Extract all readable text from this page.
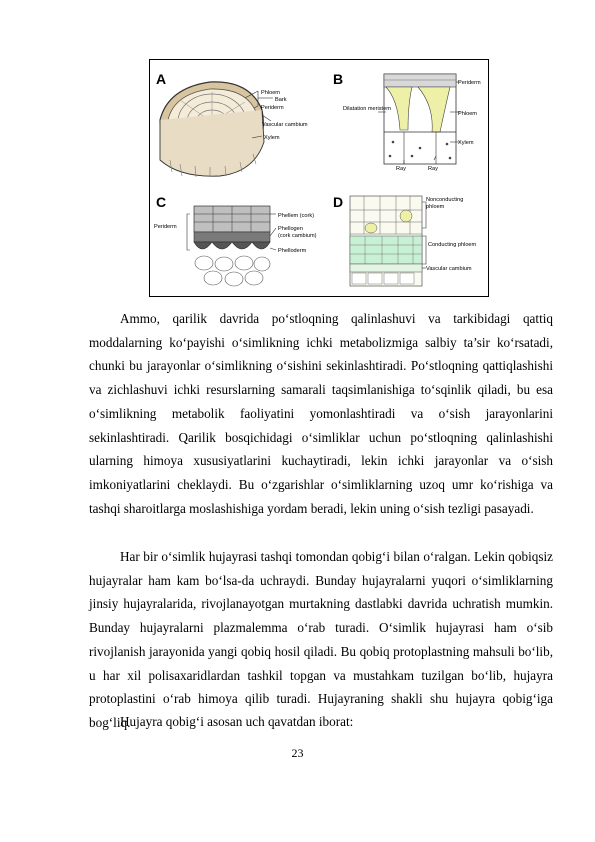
A
Phloem
Bark
Periderm
Vascular cambium
Xylem
B	Periderm
Dilatation meristem
Phloem
Xylem
Ray	Ray
C
Periderm
Phellem (cork)
Phellogen
(cork cambium)
Phelloderm
D	Nonconducting
phloem
Conducting phloem
Vascular cambium

Ammo, qarilik davrida po‘stloqning qalinlashuvi va tarkibidagi qattiq moddalarning ko‘payishi o‘simlikning ichki metabolizmiga salbiy ta’sir ko‘rsatadi, chunki bu jarayonlar o‘simlikning o‘sishini sekinlashtiradi. Po‘stloqning qattiqlashishi va zichlashuvi ichki resurslarning samarali taqsimlanishiga to‘sqinlik qiladi, bu esa o‘simlikning metabolik faoliyatini yomonlashtiradi va o‘sish jarayonlarini sekinlashtiradi. Qarilik bosqichidagi o‘simliklar uchun po‘stloqning qalinlashishi ularning himoya xususiyatlarini kuchaytiradi, lekin ichki jarayonlar va o‘sish imkoniyatlarini cheklaydi. Bu o‘zgarishlar o‘simliklarning uzoq umr ko‘rishiga va tashqi sharoitlarga moslashishiga yordam beradi, lekin uning o‘sish tezligi pasayadi.

Har bir o‘simlik hujayrasi tashqi tomondan qobig‘i bilan o‘ralgan. Lekin qobiqsiz hujayralar ham kam bo‘lsa-da uchraydi. Bunday hujayralarni yuqori o‘simliklarning jinsiy hujayralarida, rivojlanayotgan murtakning dastlabki davrida uchratish mumkin. Bunday hujayralarni plazmalemma o‘rab turadi. O‘simlik hujayrasi ham o‘sib rivojlanish jarayonida yangi qobiq hosil qiladi. Bu qobiq protoplastning mahsuli bo‘lib, u har xil polisaxaridlardan tashkil topgan va mustahkam tuzilgan bo‘lib, hujayra protoplastini o‘rab himoya qilib turadi. Hujayraning shakli shu hujayra qobig‘iga bog‘liq.

Hujayra qobig‘i asosan uch qavatdan iborat:

23
